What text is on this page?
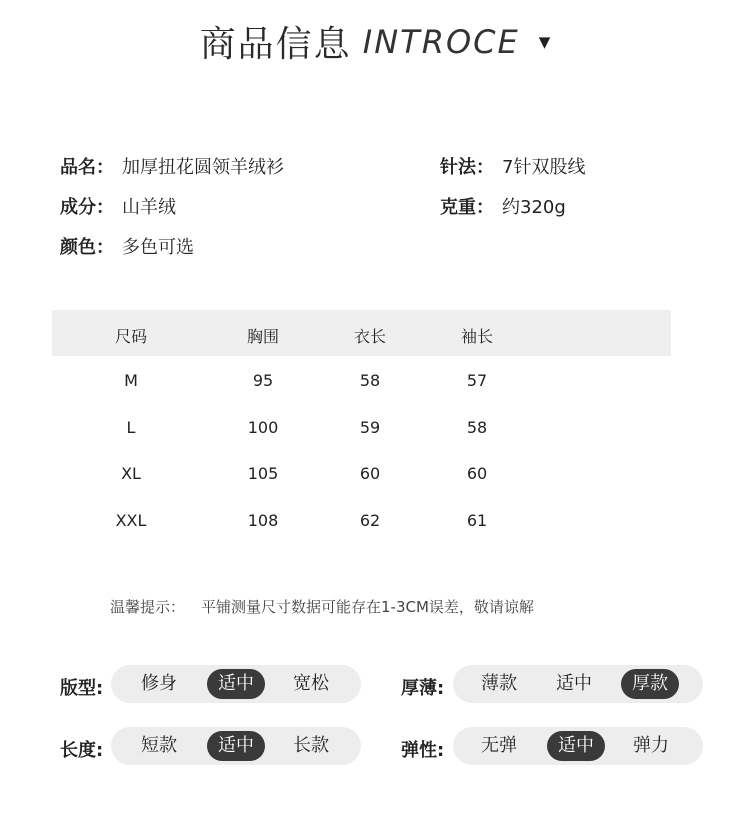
商品信息 INTROCE ▼
品名： 加厚扭花圆领羊绒衫	针法： 7针双股线
成分： 山羊绒	克重： 约320g
颜色： 多色可选
尺码	胸围	衣长	袖长
M	95	58	57
L	100	59	58
XL	105	60	60
XXL	108	62	61
温馨提示： 平铺测量尺寸数据可能存在1-3CM误差，敬请谅解
版型:	修身	适中	宽松	厚薄:	薄款	适中	厚款
长度:	短款	适中	长款	弹性:	无弹	适中	弹力
